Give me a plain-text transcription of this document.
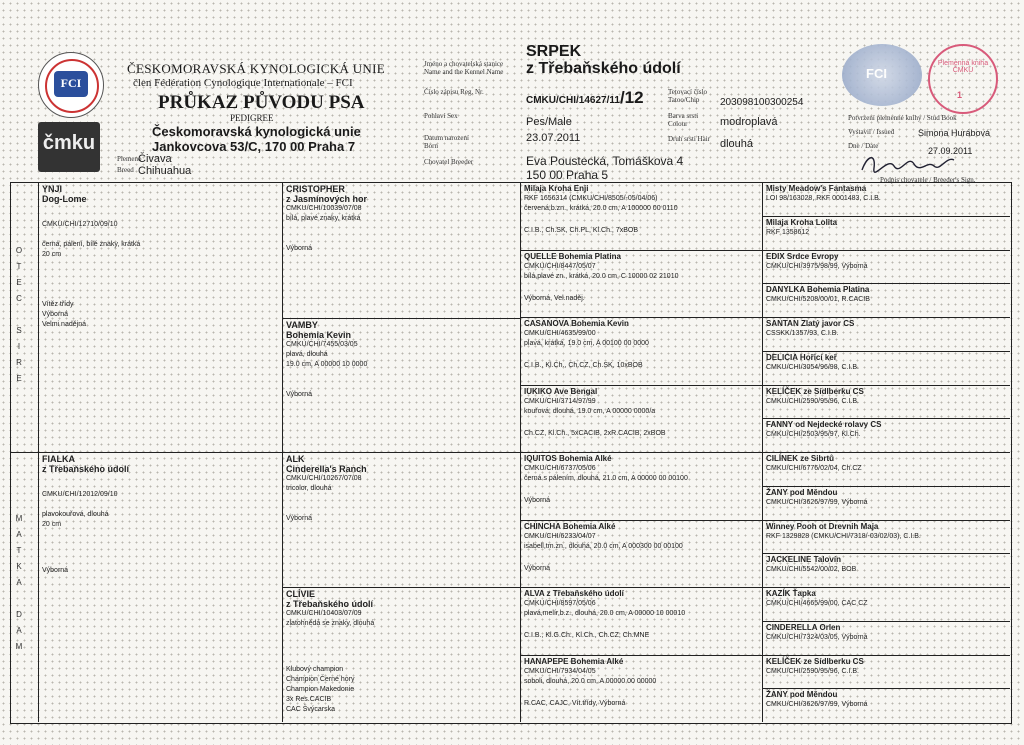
FCI
čmku
ČESKOMORAVSKÁ KYNOLOGICKÁ UNIE
člen Fédération Cynologique Internationale – FCI
PRŮKAZ PŮVODU PSA
PEDIGREE
Českomoravská kynologická unie
Jankovcova 53/C, 170 00 Praha 7
Plemeno
Breed
Čivava
Chihuahua
Jméno a chovatelská stanice Name and the Kennel Name
Číslo zápisu Reg. Nr.
Pohlaví Sex
Datum narození Born
Chovatel Breeder
Tetovací číslo Tatoo/Chip
Barva srsti Colour
Druh srsti Hair
SRPEK
z Třebaňského údolí
CMKU/CHI/14627/11/12
Pes/Male
23.07.2011
Eva Poustecká, Tomáškova 4
150 00 Praha 5
203098100300254
modroplavá
dlouhá
FCI
Plemenná kniha ČMKU
1
Potvrzení plemenné knihy / Stud Book
Vystavil / Issued	Simona Hurábová
Dne / Date	27.09.2011
Podpis chovatele / Breeder's Sign.
O
T
E
C
S
I
R
E
M
A
T
K
A
D
A
M
YNJI
Dog-Lome
CMKU/CHI/12710/09/10
černá, pálení, bílé znaky, krátká
20 cm
Vítěz třídy
Výborná
Velmi nadějná
FIALKA
z Třebaňského údolí
CMKU/CHI/12012/09/10
plavokouřová, dlouhá
20 cm
Výborná
CRISTOPHER
z Jasmínových hor
CMKU/CHI/10039/07/08
bílá, plavé znaky, krátká
Výborná
VAMBY
Bohemia Kevin
CMKU/CHI/7455/03/05
plavá, dlouhá
19.0 cm, A 00000 10 0000
Výborná
ALK
Cinderella's Ranch
CMKU/CHI/10267/07/08
tricolor, dlouhá
Výborná
CLÍVIE
z Třebaňského údolí
CMKU/CHI/10403/07/09
zlatohnědá se znaky, dlouhá
Klubový champion
Champion Černé hory
Champion Makedonie
3x Res.CACIB
CAC Švýcarska
Milaja Kroha Enji
RKF 1656314 (CMKU/CHI/8505/-05/04/06)
červená,b.zn., krátká, 20.0 cm, A 100000 00 0110
C.I.B., Ch.SK, Ch.PL, Kl.Ch., 7xBOB
QUELLE Bohemia Platina
CMKU/CHI/8447/05/07
bílá,plavé zn., krátká, 20.0 cm, C 10000 02 21010
Výborná, Vel.naděj.
CASANOVA Bohemia Kevin
CMKU/CHI/4635/99/00
plavá, krátká, 19.0 cm, A 00100 00 0000
C.I.B., Kl.Ch., Ch.CZ, Ch.SK, 10xBOB
IUKIKO Ave Bengal
CMKU/CHI/3714/97/99
kouřová, dlouhá, 19.0 cm, A 00000 0000/a
Ch.CZ, Kl.Ch., 5xCACIB, 2xR.CACIB, 2xBOB
IQUITOS Bohemia Alké
CMKU/CHI/6737/05/06
černá s pálením, dlouhá, 21.0 cm, A 00000 00 00100
Výborná
CHINCHA Bohemia Alké
CMKU/CHI/6233/04/07
isabell,tm.zn., dlouhá, 20.0 cm, A 000300 00 00100
Výborná
ALVA z Třebaňského údolí
CMKU/CHI/8597/05/06
plavá,melír,b.z., dlouhá, 20.0 cm, A 00000 10 00010
C.I.B., Kl.G.Ch., Kl.Ch., Ch.CZ, Ch.MNE
HANAPEPE Bohemia Alké
CMKU/CHI/7934/04/05
soboli, dlouhá, 20.0 cm, A 00000 00 00000
R.CAC, CAJC, Vít.třídy, Výborná
Misty Meadow's Fantasma
LOI 98/163028, RKF 0001483, C.I.B.
Milaja Kroha Lolita
RKF 1358612
EDIX Srdce Evropy
CMKU/CHI/3975/98/99, Výborná
DANYLKA Bohemia Platina
CMKU/CHI/5208/00/01, R.CACIB
SANTAN Zlatý javor CS
CSSKK/1357/93, C.I.B.
DELICIA Hořicí keř
CMKU/CHI/3054/96/98, C.I.B.
KELÍČEK ze Sídlberku CS
CMKU/CHI/2590/95/96, C.I.B.
FANNY od Nejdecké rolavy CS
CMKU/CHI/2503/95/97, Kl.Ch.
CILÍNEK ze Sibrtů
CMKU/CHI/6776/02/04, Ch.CZ
ŽANY pod Měndou
CMKU/CHI/3626/97/99, Výborná
Winney Pooh ot Drevnih Maja
RKF 1329828 (CMKU/CHI/7318/-03/02/03), C.I.B.
JACKELINE Talovín
CMKU/CHI/5542/00/02, BOB
KAZÍK Ťapka
CMKU/CHI/4665/99/00, CAC CZ
CINDERELLA Orlen
CMKU/CHI/7324/03/05, Výborná
KELÍČEK ze Sídlberku CS
CMKU/CHI/2590/95/96, C.I.B.
ŽANY pod Měndou
CMKU/CHI/3626/97/99, Výborná
